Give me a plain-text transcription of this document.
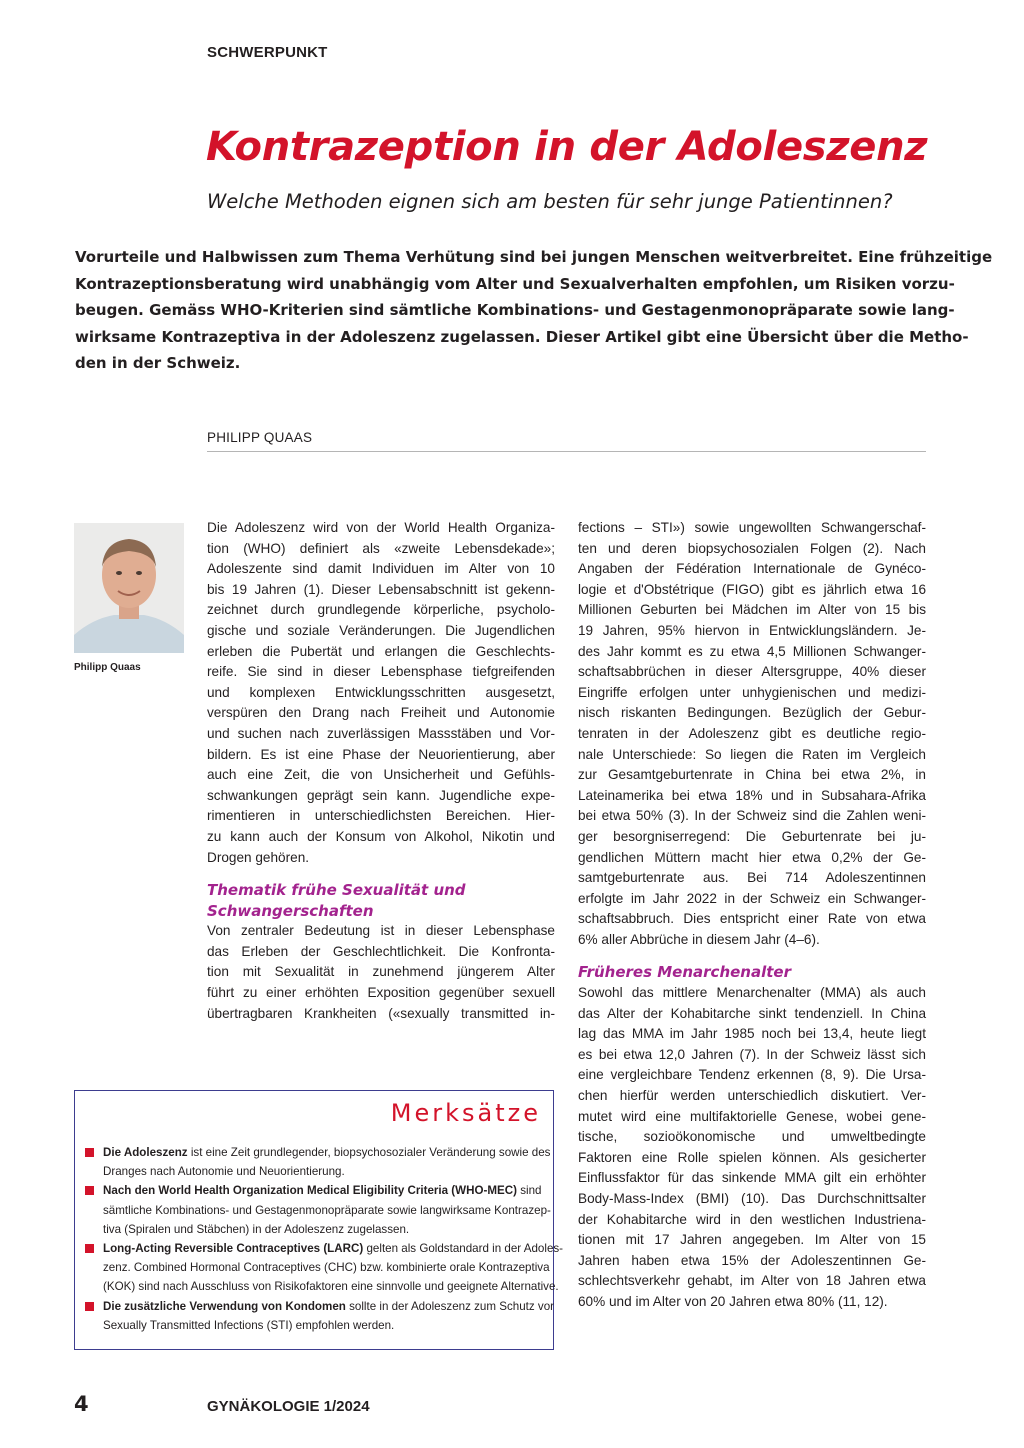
SCHWERPUNKT
Kontrazeption in der Adoleszenz
Welche Methoden eignen sich am besten für sehr junge Patientinnen?
Vorurteile und Halbwissen zum Thema Verhütung sind bei jungen Menschen weitverbreitet. Eine frühzeitige
Kontrazeptionsberatung wird unabhängig vom Alter und Sexualverhalten empfohlen, um Risiken vorzu-
beugen. Gemäss WHO-Kriterien sind sämtliche Kombinations- und Gestagenmonopräparate sowie lang-
wirksame Kontrazeptiva in der Adoleszenz zugelassen. Dieser Artikel gibt eine Übersicht über die Metho-
den in der Schweiz.
PHILIPP QUAAS
Philipp Quaas
Die Adoleszenz wird von der World Health Organiza-
tion (WHO) definiert als «zweite Lebensdekade»;
Adoleszente sind damit Individuen im Alter von 10
bis 19 Jahren (1). Dieser Lebensabschnitt ist gekenn-
zeichnet durch grundlegende körperliche, psycholo-
gische und soziale Veränderungen. Die Jugendlichen
erleben die Pubertät und erlangen die Geschlechts-
reife. Sie sind in dieser Lebensphase tiefgreifenden
und komplexen Entwicklungsschritten ausgesetzt,
verspüren den Drang nach Freiheit und Autonomie
und suchen nach zuverlässigen Massstäben und Vor-
bildern. Es ist eine Phase der Neuorientierung, aber
auch eine Zeit, die von Unsicherheit und Gefühls-
schwankungen geprägt sein kann. Jugendliche expe-
rimentieren in unterschiedlichsten Bereichen. Hier-
zu kann auch der Konsum von Alkohol, Nikotin und
Drogen gehören.
Thematik frühe Sexualität und
Schwangerschaften
Von zentraler Bedeutung ist in dieser Lebensphase
das Erleben der Geschlechtlichkeit. Die Konfronta-
tion mit Sexualität in zunehmend jüngerem Alter
führt zu einer erhöhten Exposition gegenüber sexuell
übertragbaren Krankheiten («sexually transmitted in-
fections – STI») sowie ungewollten Schwangerschaf-
ten und deren biopsychosozialen Folgen (2). Nach
Angaben der Fédération Internationale de Gynéco-
logie et d'Obstétrique (FIGO) gibt es jährlich etwa 16
Millionen Geburten bei Mädchen im Alter von 15 bis
19 Jahren, 95% hiervon in Entwicklungsländern. Je-
des Jahr kommt es zu etwa 4,5 Millionen Schwanger-
schaftsabbrüchen in dieser Altersgruppe, 40% dieser
Eingriffe erfolgen unter unhygienischen und medizi-
nisch riskanten Bedingungen. Bezüglich der Gebur-
tenraten in der Adoleszenz gibt es deutliche regio-
nale Unterschiede: So liegen die Raten im Vergleich
zur Gesamtgeburtenrate in China bei etwa 2%, in
Lateinamerika bei etwa 18% und in Subsahara-Afrika
bei etwa 50% (3). In der Schweiz sind die Zahlen weni-
ger besorgniserregend: Die Geburtenrate bei ju-
gendlichen Müttern macht hier etwa 0,2% der Ge-
samtgeburtenrate aus. Bei 714 Adoleszentinnen
erfolgte im Jahr 2022 in der Schweiz ein Schwanger-
schaftsabbruch. Dies entspricht einer Rate von etwa
6% aller Abbrüche in diesem Jahr (4–6).
Früheres Menarchenalter
Sowohl das mittlere Menarchenalter (MMA) als auch
das Alter der Kohabitarche sinkt tendenziell. In China
lag das MMA im Jahr 1985 noch bei 13,4, heute liegt
es bei etwa 12,0 Jahren (7). In der Schweiz lässt sich
eine vergleichbare Tendenz erkennen (8, 9). Die Ursa-
chen hierfür werden unterschiedlich diskutiert. Ver-
mutet wird eine multifaktorielle Genese, wobei gene-
tische, sozioökonomische und umweltbedingte
Faktoren eine Rolle spielen können. Als gesicherter
Einflussfaktor für das sinkende MMA gilt ein erhöhter
Body-Mass-Index (BMI) (10). Das Durchschnittsalter
der Kohabitarche wird in den westlichen Industriena-
tionen mit 17 Jahren angegeben. Im Alter von 15
Jahren haben etwa 15% der Adoleszentinnen Ge-
schlechtsverkehr gehabt, im Alter von 18 Jahren etwa
60% und im Alter von 20 Jahren etwa 80% (11, 12).
Merksätze
Die Adoleszenz ist eine Zeit grundlegender, biopsychosozialer Veränderung sowie des
Dranges nach Autonomie und Neuorientierung.
Nach den World Health Organization Medical Eligibility Criteria (WHO-MEC) sind
sämtliche Kombinations- und Gestagenmonopräparate sowie langwirksame Kontrazep-
tiva (Spiralen und Stäbchen) in der Adoleszenz zugelassen.
Long-Acting Reversible Contraceptives (LARC) gelten als Goldstandard in der Adoles-
zenz. Combined Hormonal Contraceptives (CHC) bzw. kombinierte orale Kontrazeptiva
(KOK) sind nach Ausschluss von Risikofaktoren eine sinnvolle und geeignete Alternative.
Die zusätzliche Verwendung von Kondomen sollte in der Adoleszenz zum Schutz vor
Sexually Transmitted Infections (STI) empfohlen werden.
4	GYNÄKOLOGIE 1/2024
